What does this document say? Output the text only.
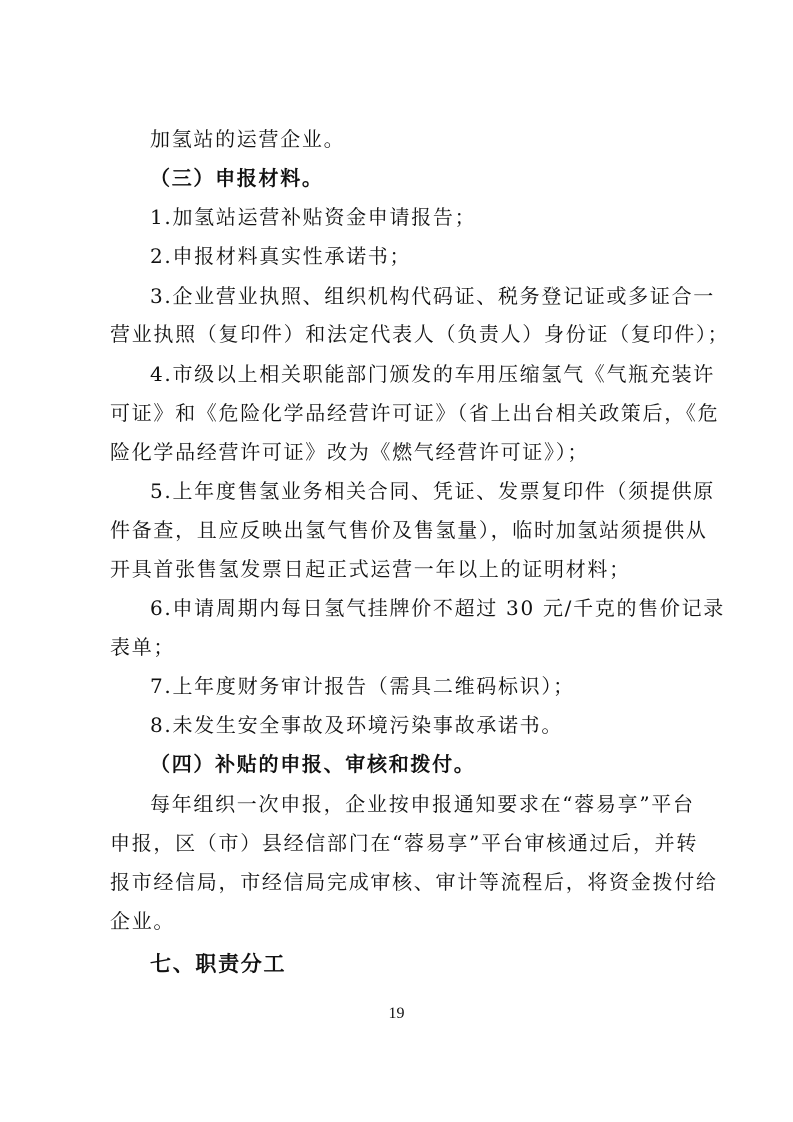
加氢站的运营企业。
（三）申报材料。
1.加氢站运营补贴资金申请报告；
2.申报材料真实性承诺书；
3.企业营业执照、组织机构代码证、税务登记证或多证合一
营业执照（复印件）和法定代表人（负责人）身份证（复印件）；
4.市级以上相关职能部门颁发的车用压缩氢气《气瓶充装许
可证》和《危险化学品经营许可证》（省上出台相关政策后，《危
险化学品经营许可证》改为《燃气经营许可证》）；
5.上年度售氢业务相关合同、凭证、发票复印件（须提供原
件备查，且应反映出氢气售价及售氢量），临时加氢站须提供从
开具首张售氢发票日起正式运营一年以上的证明材料；
6.申请周期内每日氢气挂牌价不超过 30 元/千克的售价记录
表单；
7.上年度财务审计报告（需具二维码标识）；
8.未发生安全事故及环境污染事故承诺书。
（四）补贴的申报、审核和拨付。
每年组织一次申报，企业按申报通知要求在“蓉易享”平台
申报，区（市）县经信部门在“蓉易享”平台审核通过后，并转
报市经信局，市经信局完成审核、审计等流程后，将资金拨付给
企业。
七、职责分工
19
